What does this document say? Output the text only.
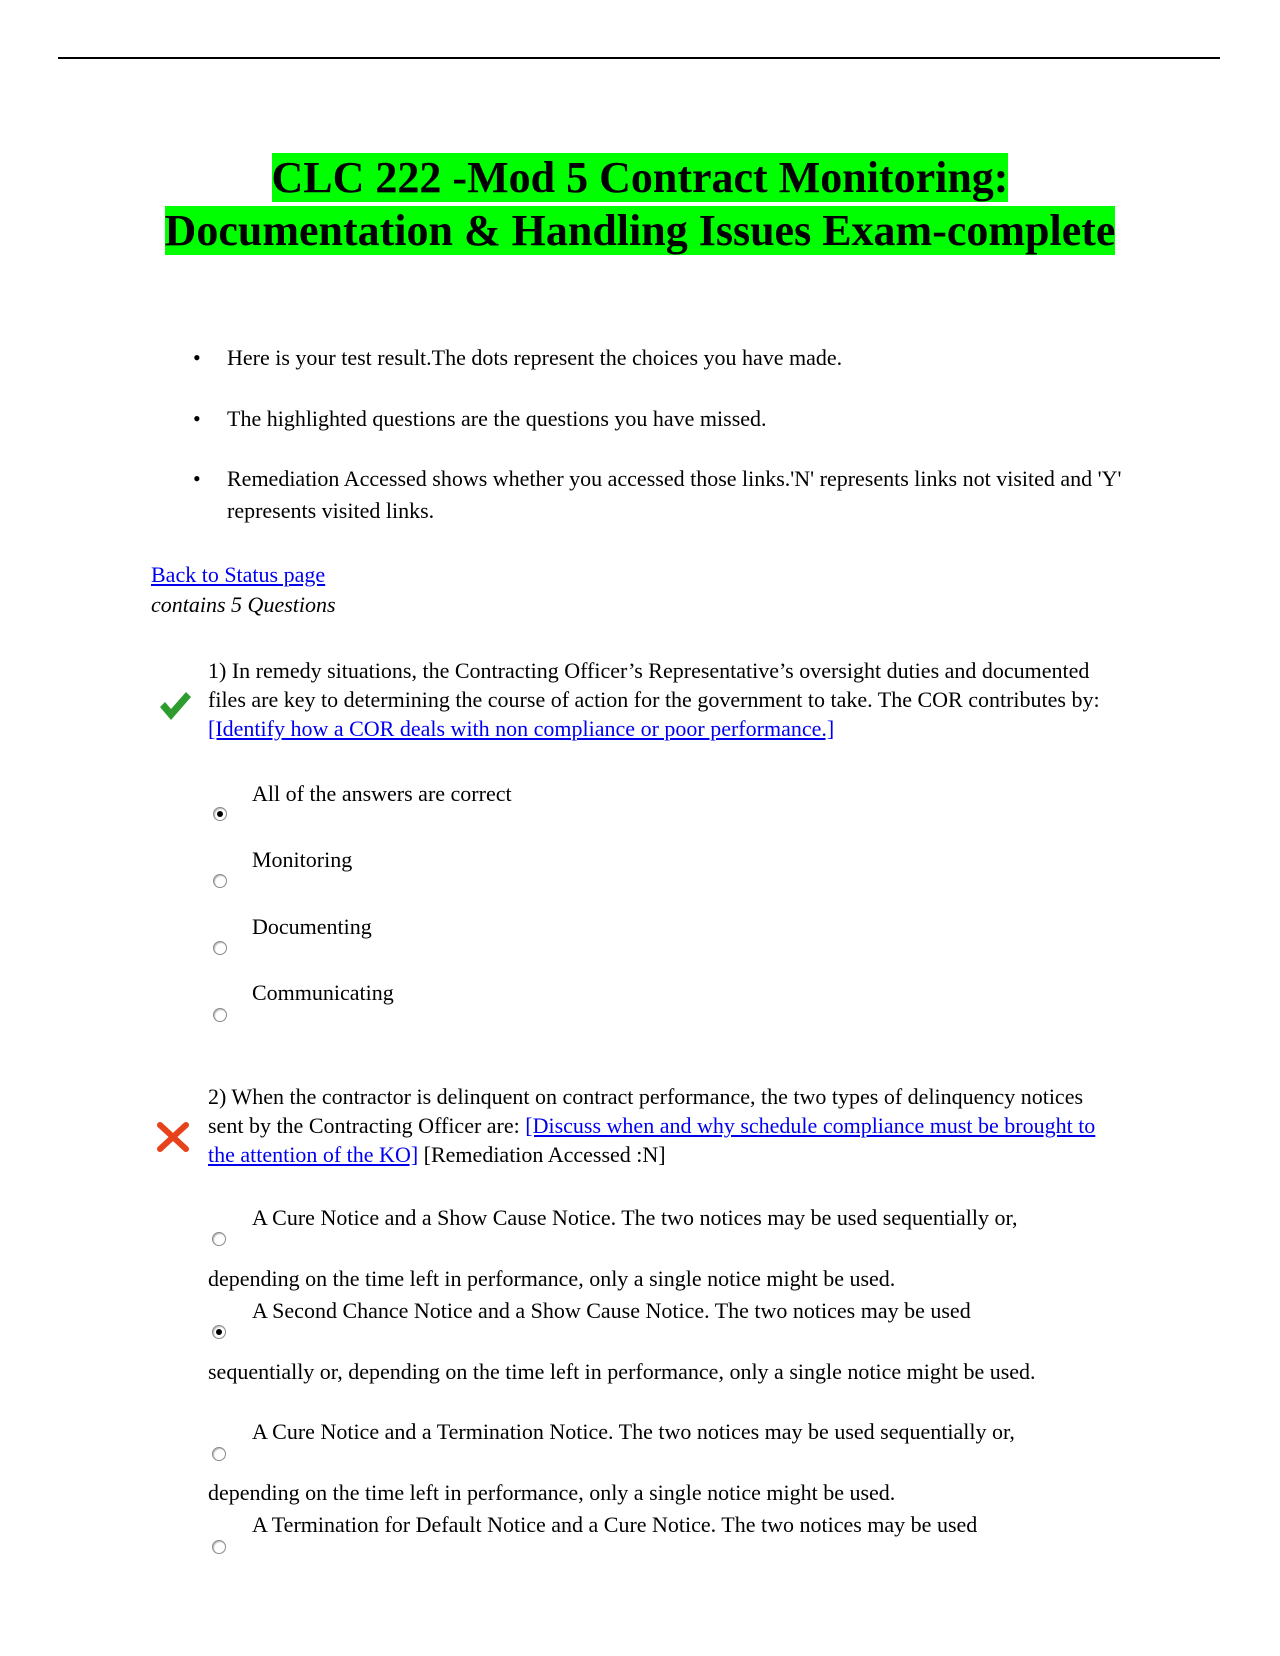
CLC 222 -Mod 5 Contract Monitoring: Documentation & Handling Issues Exam-complete
• Here is your test result.The dots represent the choices you have made.
• The highlighted questions are the questions you have missed.
• Remediation Accessed shows whether you accessed those links.'N' represents links not visited and 'Y' represents visited links.
Back to Status page
contains 5 Questions
1) In remedy situations, the Contracting Officer’s Representative’s oversight duties and documented files are key to determining the course of action for the government to take. The COR contributes by: [Identify how a COR deals with non compliance or poor performance.]
All of the answers are correct
Monitoring
Documenting
Communicating
2) When the contractor is delinquent on contract performance, the two types of delinquency notices sent by the Contracting Officer are: [Discuss when and why schedule compliance must be brought to the attention of the KO] [Remediation Accessed :N]
A Cure Notice and a Show Cause Notice. The two notices may be used sequentially or,
depending on the time left in performance, only a single notice might be used.
A Second Chance Notice and a Show Cause Notice. The two notices may be used
sequentially or, depending on the time left in performance, only a single notice might be used.
A Cure Notice and a Termination Notice. The two notices may be used sequentially or,
depending on the time left in performance, only a single notice might be used.
A Termination for Default Notice and a Cure Notice. The two notices may be used
